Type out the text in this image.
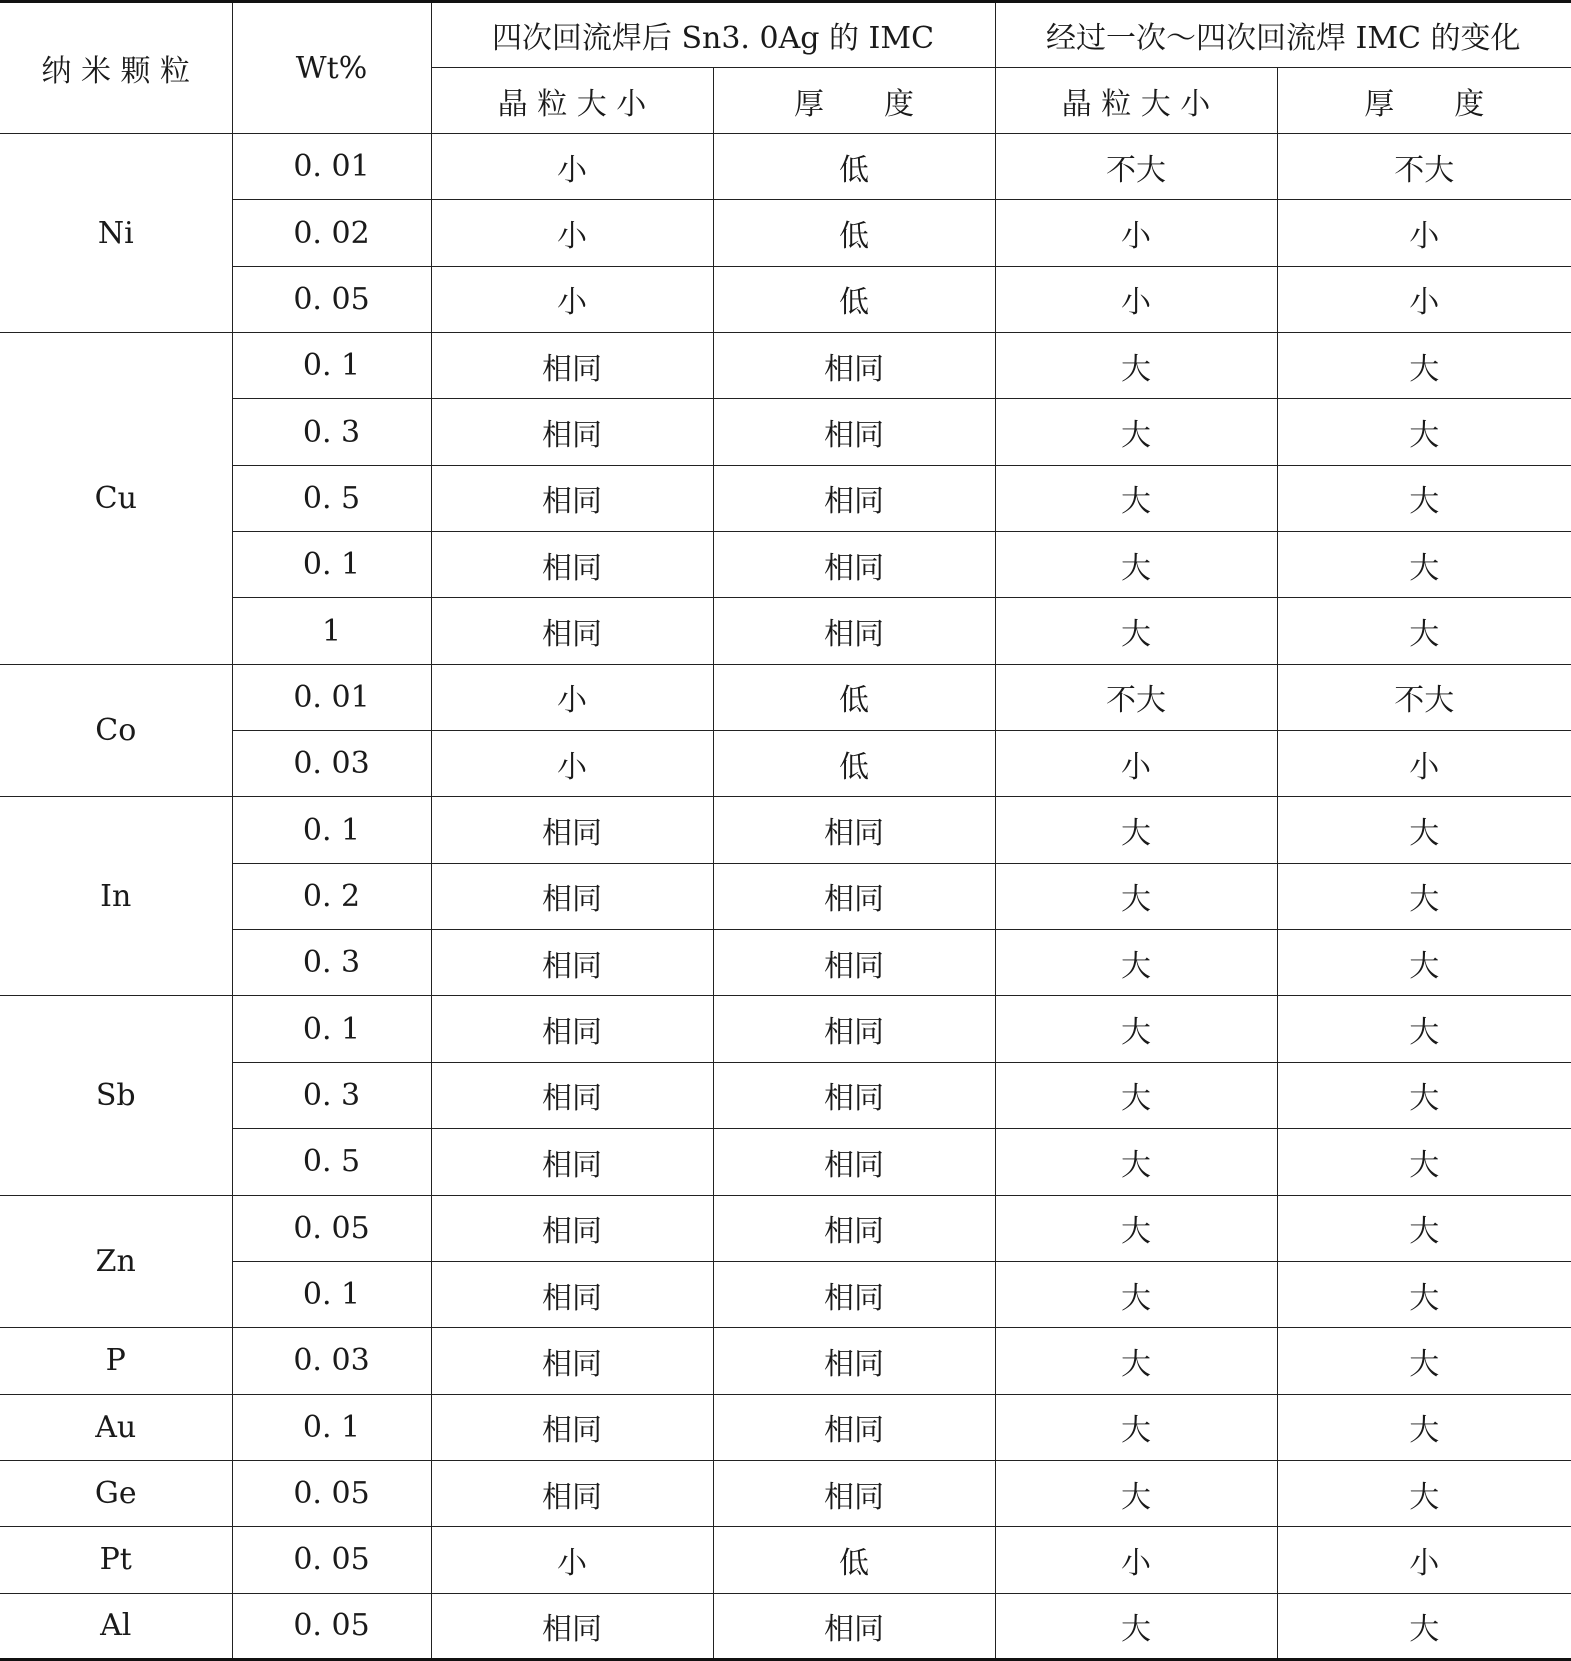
纳 米 颗 粒	Wt%	四次回流焊后 Sn3. 0Ag 的 IMC		经过一次～四次回流焊 IMC 的变化	
		晶 粒 大 小	厚　　度	晶 粒 大 小	厚　　度
Ni	0. 01	小	低	不大	不大
	0. 02	小	低	小	小
	0. 05	小	低	小	小
Cu	0. 1	相同	相同	大	大
	0. 3	相同	相同	大	大
	0. 5	相同	相同	大	大
	0. 1	相同	相同	大	大
	1	相同	相同	大	大
Co	0. 01	小	低	不大	不大
	0. 03	小	低	小	小
In	0. 1	相同	相同	大	大
	0. 2	相同	相同	大	大
	0. 3	相同	相同	大	大
Sb	0. 1	相同	相同	大	大
	0. 3	相同	相同	大	大
	0. 5	相同	相同	大	大
Zn	0. 05	相同	相同	大	大
	0. 1	相同	相同	大	大
P	0. 03	相同	相同	大	大
Au	0. 1	相同	相同	大	大
Ge	0. 05	相同	相同	大	大
Pt	0. 05	小	低	小	小
Al	0. 05	相同	相同	大	大
